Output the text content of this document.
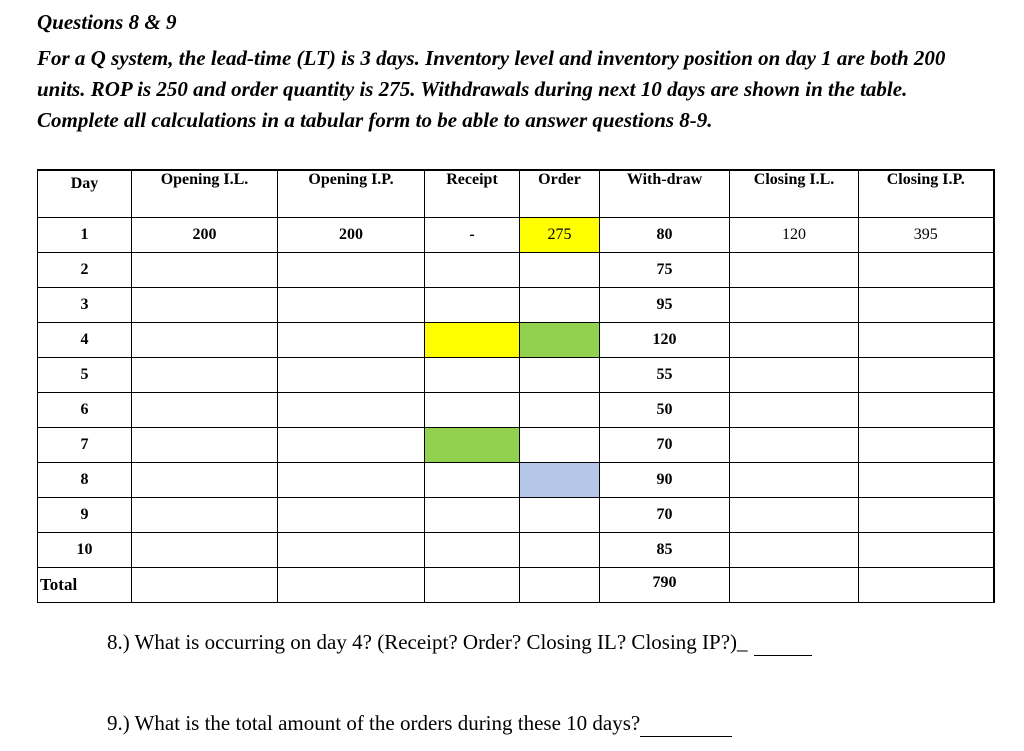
Questions 8 & 9
For a Q system, the lead-time (LT) is 3 days. Inventory level and inventory position on day 1 are both 200 units. ROP is 250 and order quantity is 275. Withdrawals during next 10 days are shown in the table. Complete all calculations in a tabular form to be able to answer questions 8-9.
Day	Opening I.L.	Opening I.P.	Receipt	Order	With-draw	Closing I.L.	Closing I.P.

1	200	200	-	275	80	120	395

2					75		

3					95		

4					120		

5					55		

6					50		

7					70		

8					90		

9					70		

10					85		

Total					790		

8.) What is occurring on day 4? (Receipt? Order? Closing IL? Closing IP?)_
9.) What is the total amount of the orders during these 10 days?
